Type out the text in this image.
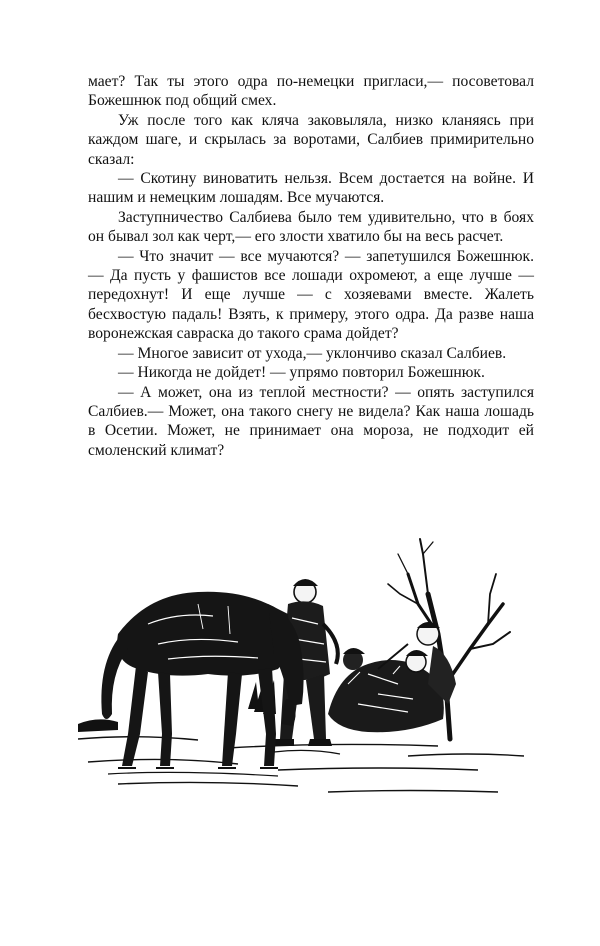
мает? Так ты этого одра по-немецки пригласи,— посоветовал Божешнюк под общий смех.

Уж после того как кляча заковыляла, низко кланяясь при каждом шаге, и скрылась за воротами, Салбиев примирительно сказал:

— Скотину виноватить нельзя. Всем достается на войне. И нашим и немецким лошадям. Все мучаются.

Заступничество Салбиева было тем удивительно, что в боях он бывал зол как черт,— его злости хватило бы на весь расчет.

— Что значит — все мучаются? — запетушился Божешнюк.— Да пусть у фашистов все лошади охромеют, а еще лучше — передохнут! И еще лучше — с хозяевами вместе. Жалеть бесхвостую падаль! Взять, к примеру, этого одра. Да разве наша воронежская савраска до такого срама дойдет?

— Многое зависит от ухода,— уклончиво сказал Салбиев.

— Никогда не дойдет! — упрямо повторил Божешнюк.

— А может, она из теплой местности? — опять заступился Салбиев.— Может, она такого снегу не видела? Как наша лошадь в Осетии. Может, не принимает она мороза, не подходит ей смоленский климат?
